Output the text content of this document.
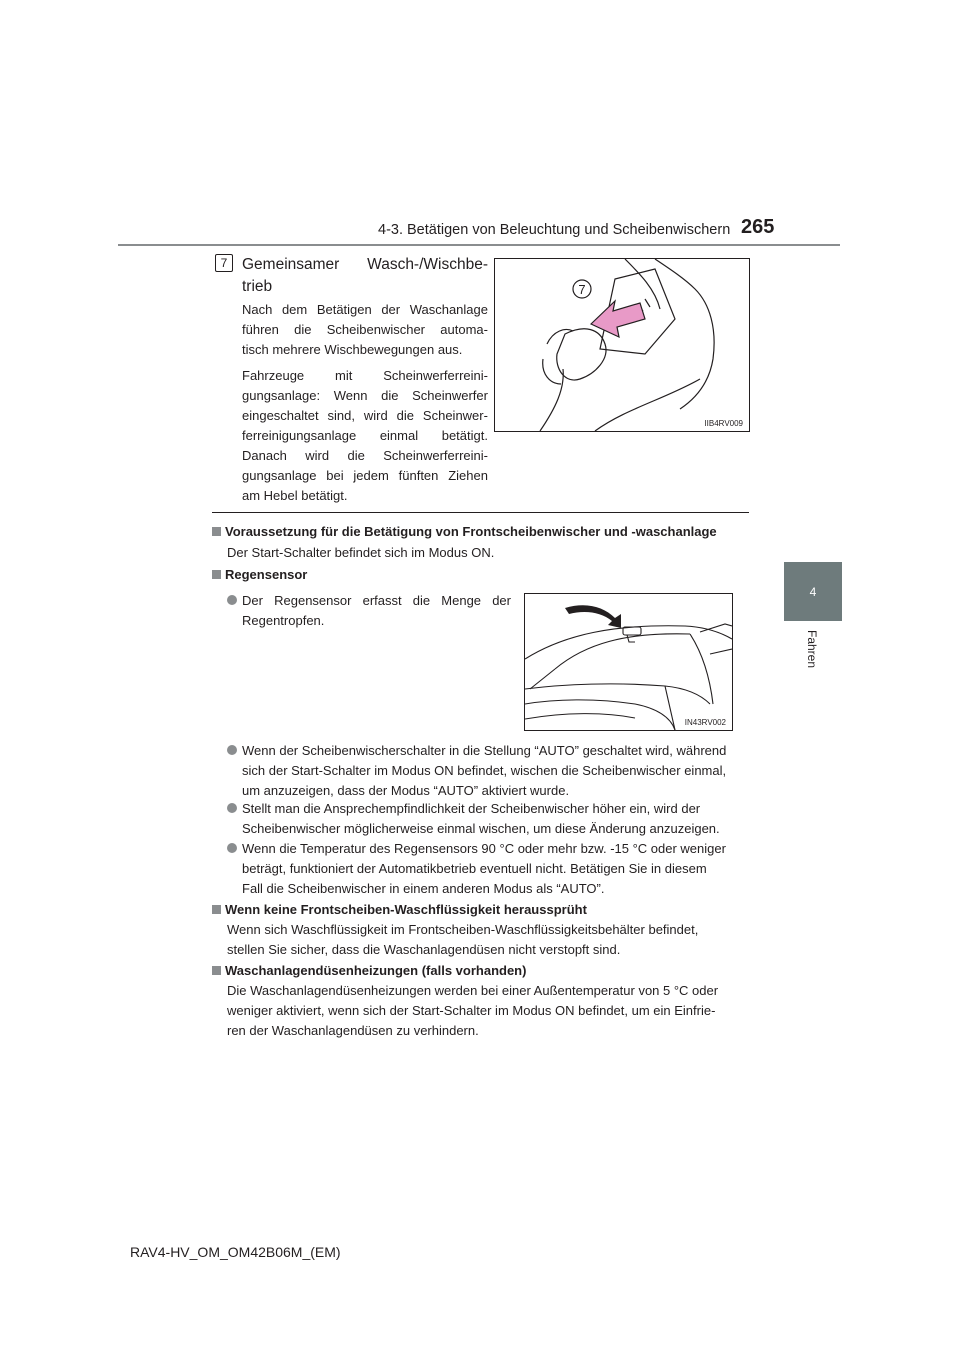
4-3. Betätigen von Beleuchtung und Scheibenwischern 265
4
Fahren
7 Gemeinsamer Wasch-/Wischbe-
trieb
Nach dem Betätigen der Waschanlage
führen die Scheibenwischer automa-
tisch mehrere Wischbewegungen aus.
Fahrzeuge mit Scheinwerferreini-
gungsanlage: Wenn die Scheinwerfer
eingeschaltet sind, wird die Scheinwer-
ferreinigungsanlage einmal betätigt.
Danach wird die Scheinwerferreini-
gungsanlage bei jedem fünften Ziehen
am Hebel betätigt.
7
IIB4RV009
Voraussetzung für die Betätigung von Frontscheibenwischer und -waschanlage
Der Start-Schalter befindet sich im Modus ON.
Regensensor
Der Regensensor erfasst die Menge der
Regentropfen.
IN43RV002
Wenn der Scheibenwischerschalter in die Stellung “AUTO” geschaltet wird, während
sich der Start-Schalter im Modus ON befindet, wischen die Scheibenwischer einmal,
um anzuzeigen, dass der Modus “AUTO” aktiviert wurde.
Stellt man die Ansprechempfindlichkeit der Scheibenwischer höher ein, wird der
Scheibenwischer möglicherweise einmal wischen, um diese Änderung anzuzeigen.
Wenn die Temperatur des Regensensors 90 °C oder mehr bzw. -15 °C oder weniger
beträgt, funktioniert der Automatikbetrieb eventuell nicht. Betätigen Sie in diesem
Fall die Scheibenwischer in einem anderen Modus als “AUTO”.
Wenn keine Frontscheiben-Waschflüssigkeit heraussprüht
Wenn sich Waschflüssigkeit im Frontscheiben-Waschflüssigkeitsbehälter befindet,
stellen Sie sicher, dass die Waschanlagendüsen nicht verstopft sind.
Waschanlagendüsenheizungen (falls vorhanden)
Die Waschanlagendüsenheizungen werden bei einer Außentemperatur von 5 °C oder
weniger aktiviert, wenn sich der Start-Schalter im Modus ON befindet, um ein Einfrie-
ren der Waschanlagendüsen zu verhindern.
RAV4-HV_OM_OM42B06M_(EM)
